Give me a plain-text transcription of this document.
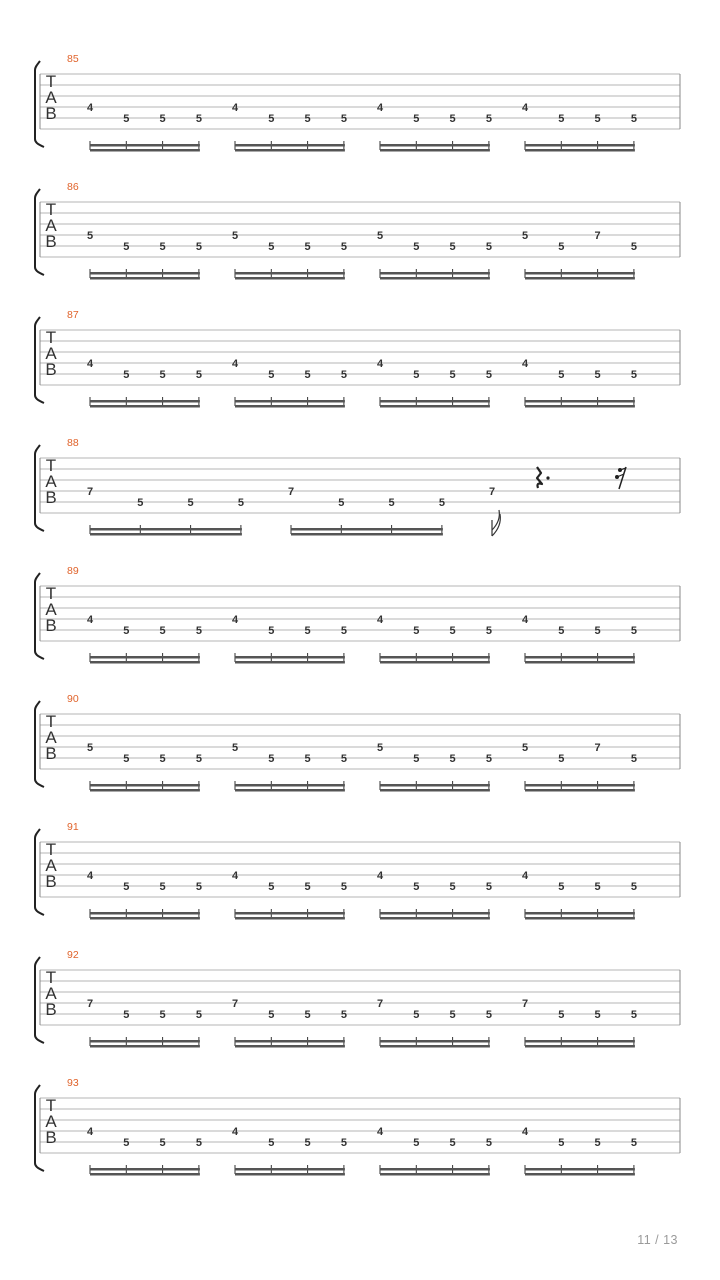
85
T
A
B	4
5	5	5
4
5	5	5
4
5	5	5
4
5	5	5
86
T
A
B	5
5	5	5
5
5	5	5
5
5	5	5
5
5
7
5
87
T
A
B	4
5	5	5
4
5	5	5
4
5	5	5
4
5	5	5
88
T
A
B	7
5	5	5
7
5	5	5
7
89
T
A
B	4
5	5	5
4
5	5	5
4
5	5	5
4
5	5	5
90
T
A
B	5
5	5	5
5
5	5	5
5
5	5	5
5
5
7
5
91
T
A
B	4
5	5	5
4
5	5	5
4
5	5	5
4
5	5	5
92
T
A
B	7
5	5	5
7
5	5	5
7
5	5	5
7
5	5	5
93
T
A
B	4
5	5	5
4
5	5	5
4
5	5	5
4
5	5	5
11 / 13
